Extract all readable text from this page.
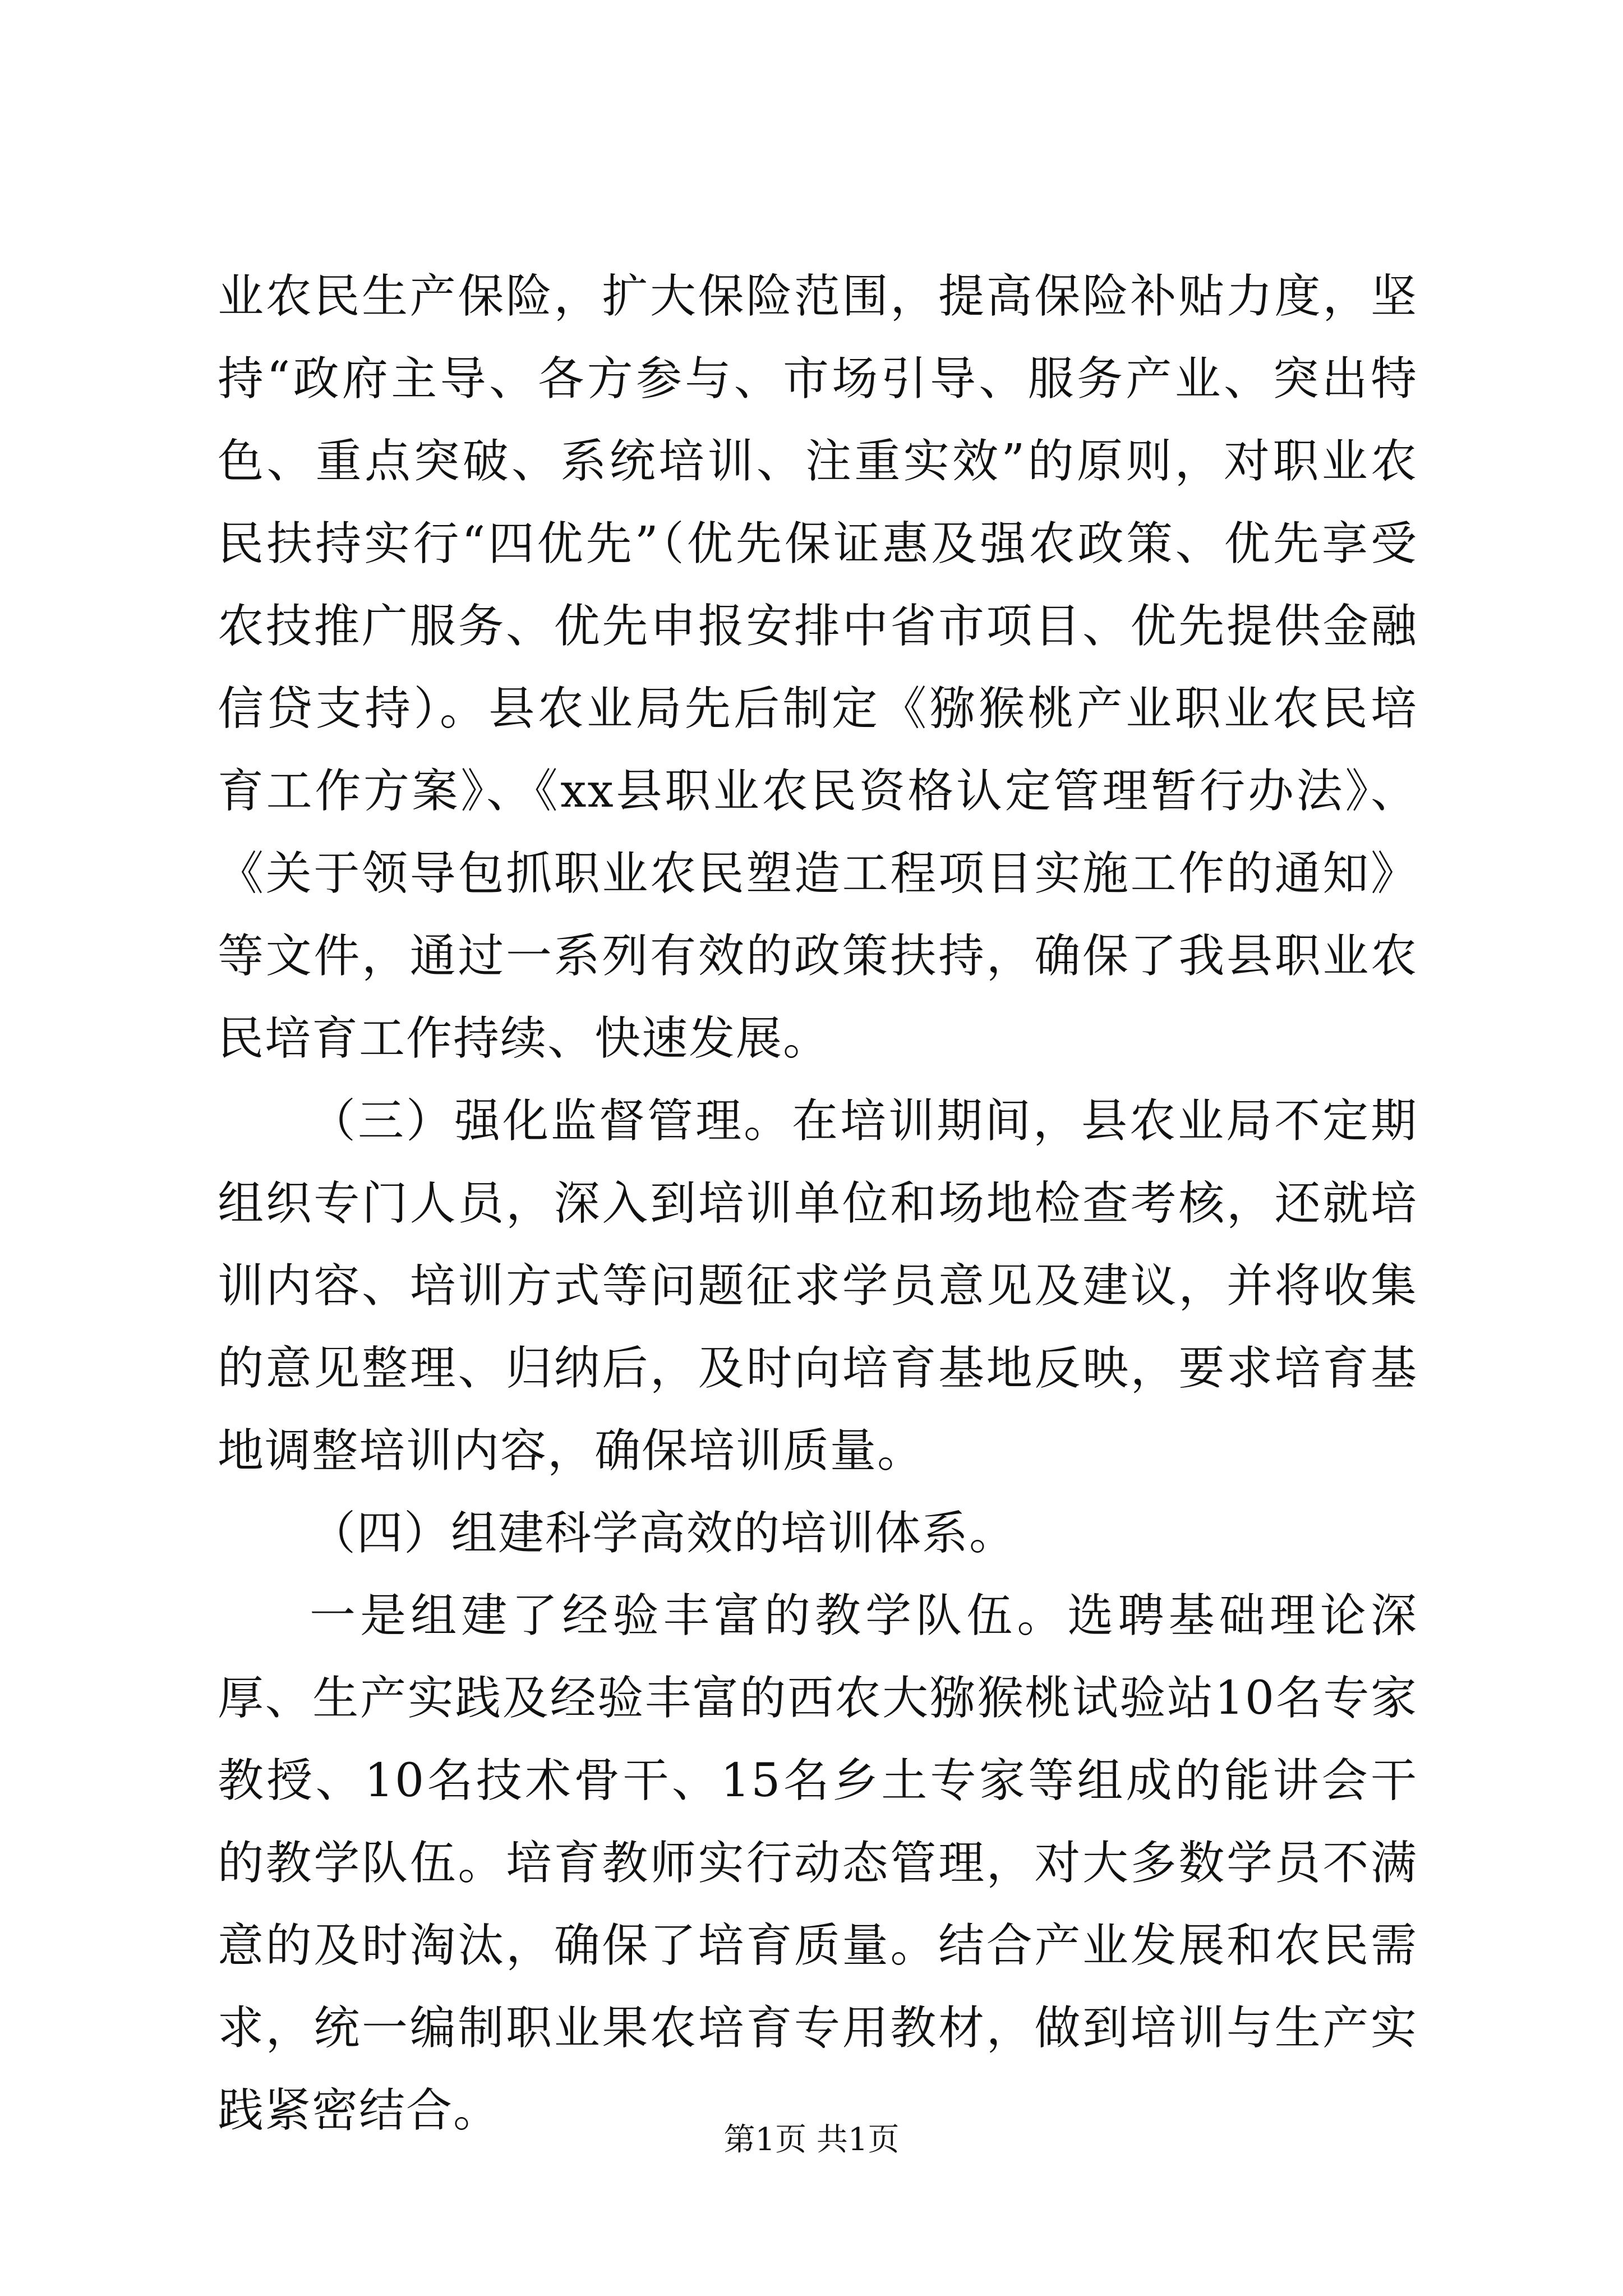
业农民生产保险，扩大保险范围，提高保险补贴力度，坚持“政府主导、各方参与、市场引导、服务产业、突出特色、重点突破、系统培训、注重实效”的原则，对职业农民扶持实行“四优先”（优先保证惠及强农政策、优先享受农技推广服务、优先申报安排中省市项目、优先提供金融信贷支持）。县农业局先后制定《猕猴桃产业职业农民培育工作方案》、《xx县职业农民资格认定管理暂行办法》、《关于领导包抓职业农民塑造工程项目实施工作的通知》等文件，通过一系列有效的政策扶持，确保了我县职业农民培育工作持续、快速发展。

（三）强化监督管理。在培训期间，县农业局不定期组织专门人员，深入到培训单位和场地检查考核，还就培训内容、培训方式等问题征求学员意见及建议，并将收集的意见整理、归纳后，及时向培育基地反映，要求培育基地调整培训内容，确保培训质量。

（四）组建科学高效的培训体系。

一是组建了经验丰富的教学队伍。选聘基础理论深厚、生产实践及经验丰富的西农大猕猴桃试验站10名专家教授、10名技术骨干、15名乡土专家等组成的能讲会干的教学队伍。培育教师实行动态管理，对大多数学员不满意的及时淘汰，确保了培育质量。结合产业发展和农民需求，统一编制职业果农培育专用教材，做到培训与生产实践紧密结合。

第1页 共1页
